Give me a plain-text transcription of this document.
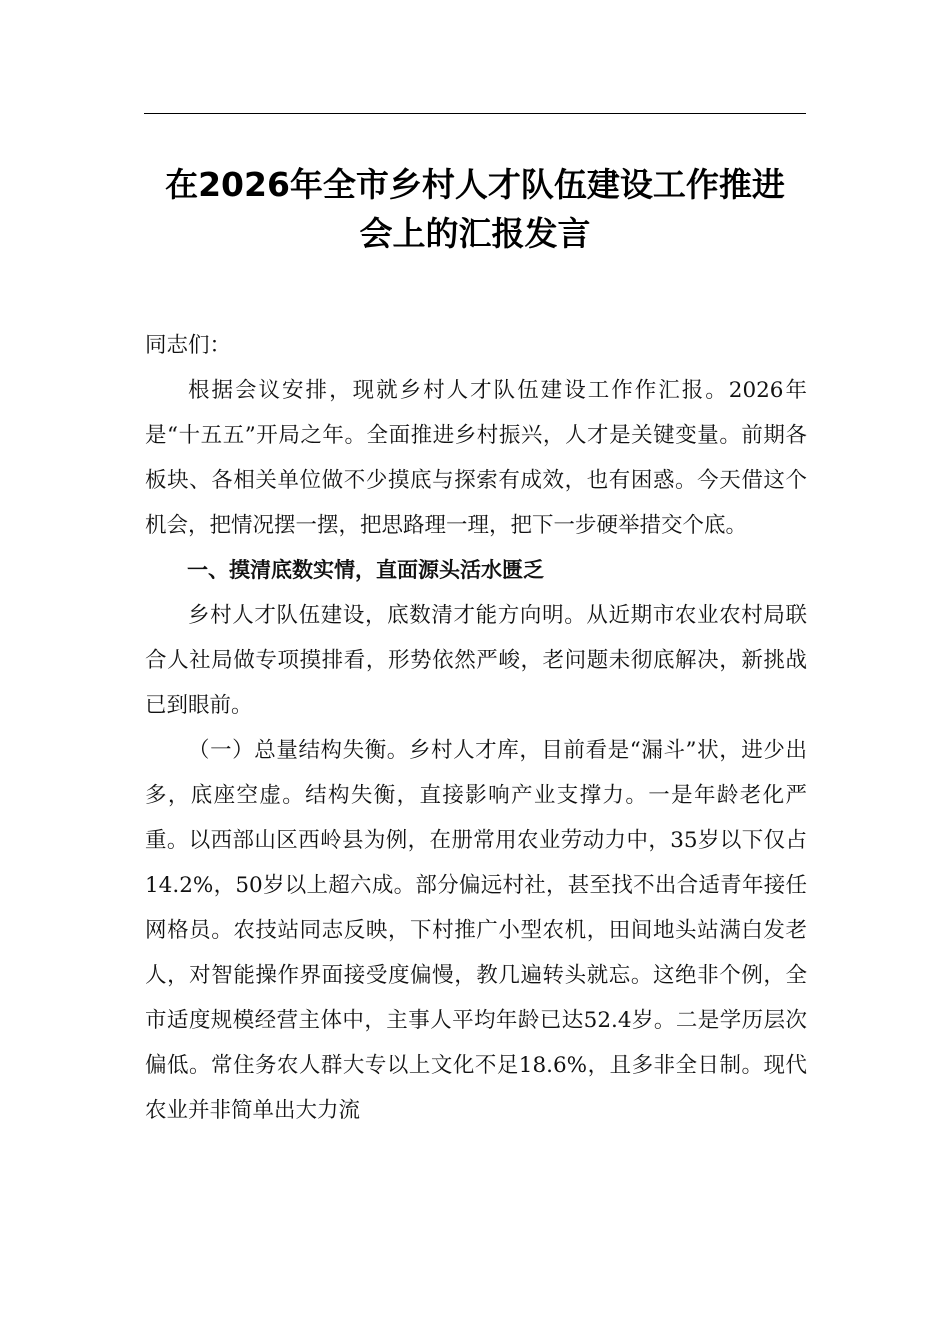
在2026年全市乡村人才队伍建设工作推进
会上的汇报发言

同志们：

根据会议安排，现就乡村人才队伍建设工作作汇报。2026年是“十五五”开局之年。全面推进乡村振兴，人才是关键变量。前期各板块、各相关单位做不少摸底与探索有成效，也有困惑。今天借这个机会，把情况摆一摆，把思路理一理，把下一步硬举措交个底。

一、摸清底数实情，直面源头活水匮乏

乡村人才队伍建设，底数清才能方向明。从近期市农业农村局联合人社局做专项摸排看，形势依然严峻，老问题未彻底解决，新挑战已到眼前。

（一）总量结构失衡。乡村人才库，目前看是“漏斗”状，进少出多，底座空虚。结构失衡，直接影响产业支撑力。一是年龄老化严重。以西部山区西岭县为例，在册常用农业劳动力中，35岁以下仅占14.2%，50岁以上超六成。部分偏远村社，甚至找不出合适青年接任网格员。农技站同志反映，下村推广小型农机，田间地头站满白发老人，对智能操作界面接受度偏慢，教几遍转头就忘。这绝非个例，全市适度规模经营主体中，主事人平均年龄已达52.4岁。二是学历层次偏低。常住务农人群大专以上文化不足18.6%，且多非全日制。现代农业并非简单出大力流
